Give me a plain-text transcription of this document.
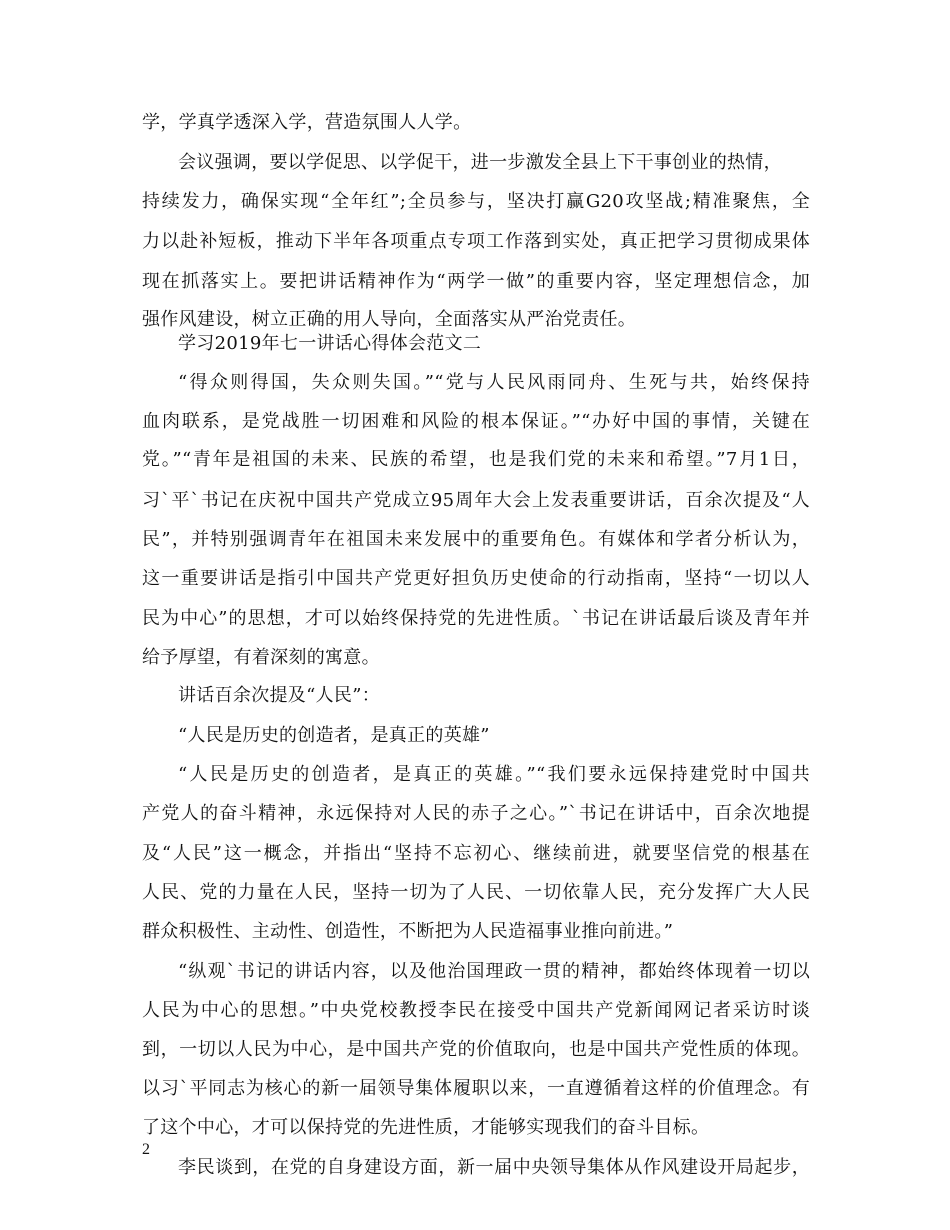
学，学真学透深入学，营造氛围人人学。
会议强调，要以学促思、以学促干，进一步激发全县上下干事创业的热情，
持续发力，确保实现“全年红”;全员参与，坚决打赢G20攻坚战;精准聚焦，全
力以赴补短板，推动下半年各项重点专项工作落到实处，真正把学习贯彻成果体
现在抓落实上。要把讲话精神作为“两学一做”的重要内容，坚定理想信念，加
强作风建设，树立正确的用人导向，全面落实从严治党责任。
学习2019年七一讲话心得体会范文二
“得众则得国，失众则失国。”“党与人民风雨同舟、生死与共，始终保持
血肉联系，是党战胜一切困难和风险的根本保证。”“办好中国的事情，关键在
党。”“青年是祖国的未来、民族的希望，也是我们党的未来和希望。”7月1日，
习`平`书记在庆祝中国共产党成立95周年大会上发表重要讲话，百余次提及“人
民”，并特别强调青年在祖国未来发展中的重要角色。有媒体和学者分析认为，
这一重要讲话是指引中国共产党更好担负历史使命的行动指南，坚持“一切以人
民为中心”的思想，才可以始终保持党的先进性质。`书记在讲话最后谈及青年并
给予厚望，有着深刻的寓意。
讲话百余次提及“人民”：
“人民是历史的创造者，是真正的英雄”
“人民是历史的创造者，是真正的英雄。”“我们要永远保持建党时中国共
产党人的奋斗精神，永远保持对人民的赤子之心。”`书记在讲话中，百余次地提
及“人民”这一概念，并指出“坚持不忘初心、继续前进，就要坚信党的根基在
人民、党的力量在人民，坚持一切为了人民、一切依靠人民，充分发挥广大人民
群众积极性、主动性、创造性，不断把为人民造福事业推向前进。”
“纵观`书记的讲话内容，以及他治国理政一贯的精神，都始终体现着一切以
人民为中心的思想。”中央党校教授李民在接受中国共产党新闻网记者采访时谈
到，一切以人民为中心，是中国共产党的价值取向，也是中国共产党性质的体现。
以习`平同志为核心的新一届领导集体履职以来，一直遵循着这样的价值理念。有
了这个中心，才可以保持党的先进性质，才能够实现我们的奋斗目标。
李民谈到，在党的自身建设方面，新一届中央领导集体从作风建设开局起步，
2
